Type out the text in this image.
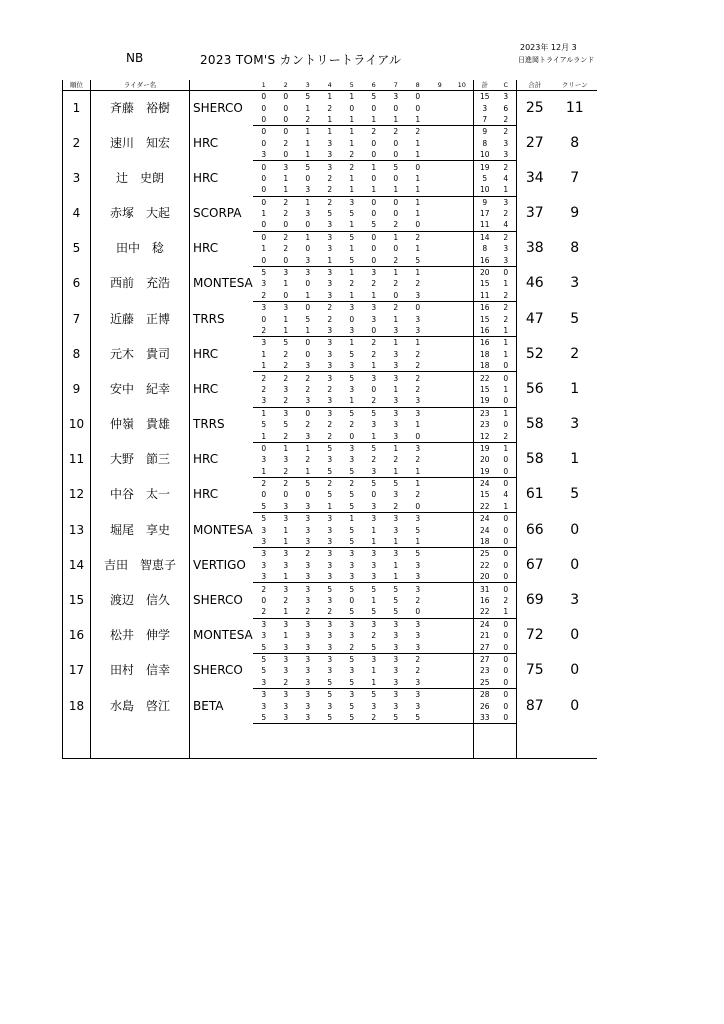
NB	2023 TOM'S カントリートライアル
2023年 12月 3
日進岡トライアルランド
順位	ライダー名		1	2	3	4	5	6	7	8	9	10	計	C	合計	クリーン
1	斉藤　裕樹	SHERCO	0	0	5	1	1	5	3	0			15	3	25	11
			0	0	1	2	0	0	0	0			3	6		
			0	0	2	1	1	1	1	1			7	2		
2	速川　知宏	HRC	0	0	1	1	1	2	2	2			9	2	27	8
			0	2	1	3	1	0	0	1			8	3		
			3	0	1	3	2	0	0	1			10	3		
3	辻　史朗	HRC	0	3	5	3	2	1	5	0			19	2	34	7
			0	1	0	2	1	0	0	1			5	4		
			0	1	3	2	1	1	1	1			10	1		
4	赤塚　大起	SCORPA	0	2	1	2	3	0	0	1			9	3	37	9
			1	2	3	5	5	0	0	1			17	2		
			0	0	0	3	1	5	2	0			11	4		
5	田中　稔	HRC	0	2	1	3	5	0	1	2			14	2	38	8
			1	2	0	3	1	0	0	1			8	3		
			0	0	3	1	5	0	2	5			16	3		
6	西前　充浩	MONTESA	5	3	3	3	1	3	1	1			20	0	46	3
			3	1	0	3	2	2	2	2			15	1		
			2	0	1	3	1	1	0	3			11	2		
7	近藤　正博	TRRS	3	3	0	2	3	3	2	0			16	2	47	5
			0	1	5	2	0	3	1	3			15	2		
			2	1	1	3	3	0	3	3			16	1		
8	元木　貴司	HRC	3	5	0	3	1	2	1	1			16	1	52	2
			1	2	0	3	5	2	3	2			18	1		
			1	2	3	3	3	1	3	2			18	0		
9	安中　紀幸	HRC	2	2	2	3	5	3	3	2			22	0	56	1
			2	3	2	2	3	0	1	2			15	1		
			3	2	3	3	1	2	3	3			19	0		
10	仲嶺　貴雄	TRRS	1	3	0	3	5	5	3	3			23	1	58	3
			5	5	2	2	2	3	3	1			23	0		
			1	2	3	2	0	1	3	0			12	2		
11	大野　節三	HRC	0	1	1	5	3	5	1	3			19	1	58	1
			3	3	2	3	3	2	2	2			20	0		
			1	2	1	5	5	3	1	1			19	0		
12	中谷　太一	HRC	2	2	5	2	2	5	5	1			24	0	61	5
			0	0	0	5	5	0	3	2			15	4		
			5	3	3	1	5	3	2	0			22	1		
13	堀尾　享史	MONTESA	5	3	3	3	1	3	3	3			24	0	66	0
			3	1	3	3	5	1	3	5			24	0		
			3	1	3	3	5	1	1	1			18	0		
14	吉田　智恵子	VERTIGO	3	3	2	3	3	3	3	5			25	0	67	0
			3	3	3	3	3	3	1	3			22	0		
			3	1	3	3	3	3	1	3			20	0		
15	渡辺　信久	SHERCO	2	3	3	5	5	5	5	3			31	0	69	3
			0	2	3	3	0	1	5	2			16	2		
			2	1	2	2	5	5	5	0			22	1		
16	松井　伸学	MONTESA	3	3	3	3	3	3	3	3			24	0	72	0
			3	1	3	3	3	2	3	3			21	0		
			5	3	3	3	2	5	3	3			27	0		
17	田村　信幸	SHERCO	5	3	3	3	5	3	3	2			27	0	75	0
			5	3	3	3	3	1	3	2			23	0		
			3	2	3	5	5	1	3	3			25	0		
18	水島　啓江	BETA	3	3	3	5	3	5	3	3			28	0	87	0
			3	3	3	3	5	3	3	3			26	0		
			5	3	3	5	5	2	5	5			33	0		
